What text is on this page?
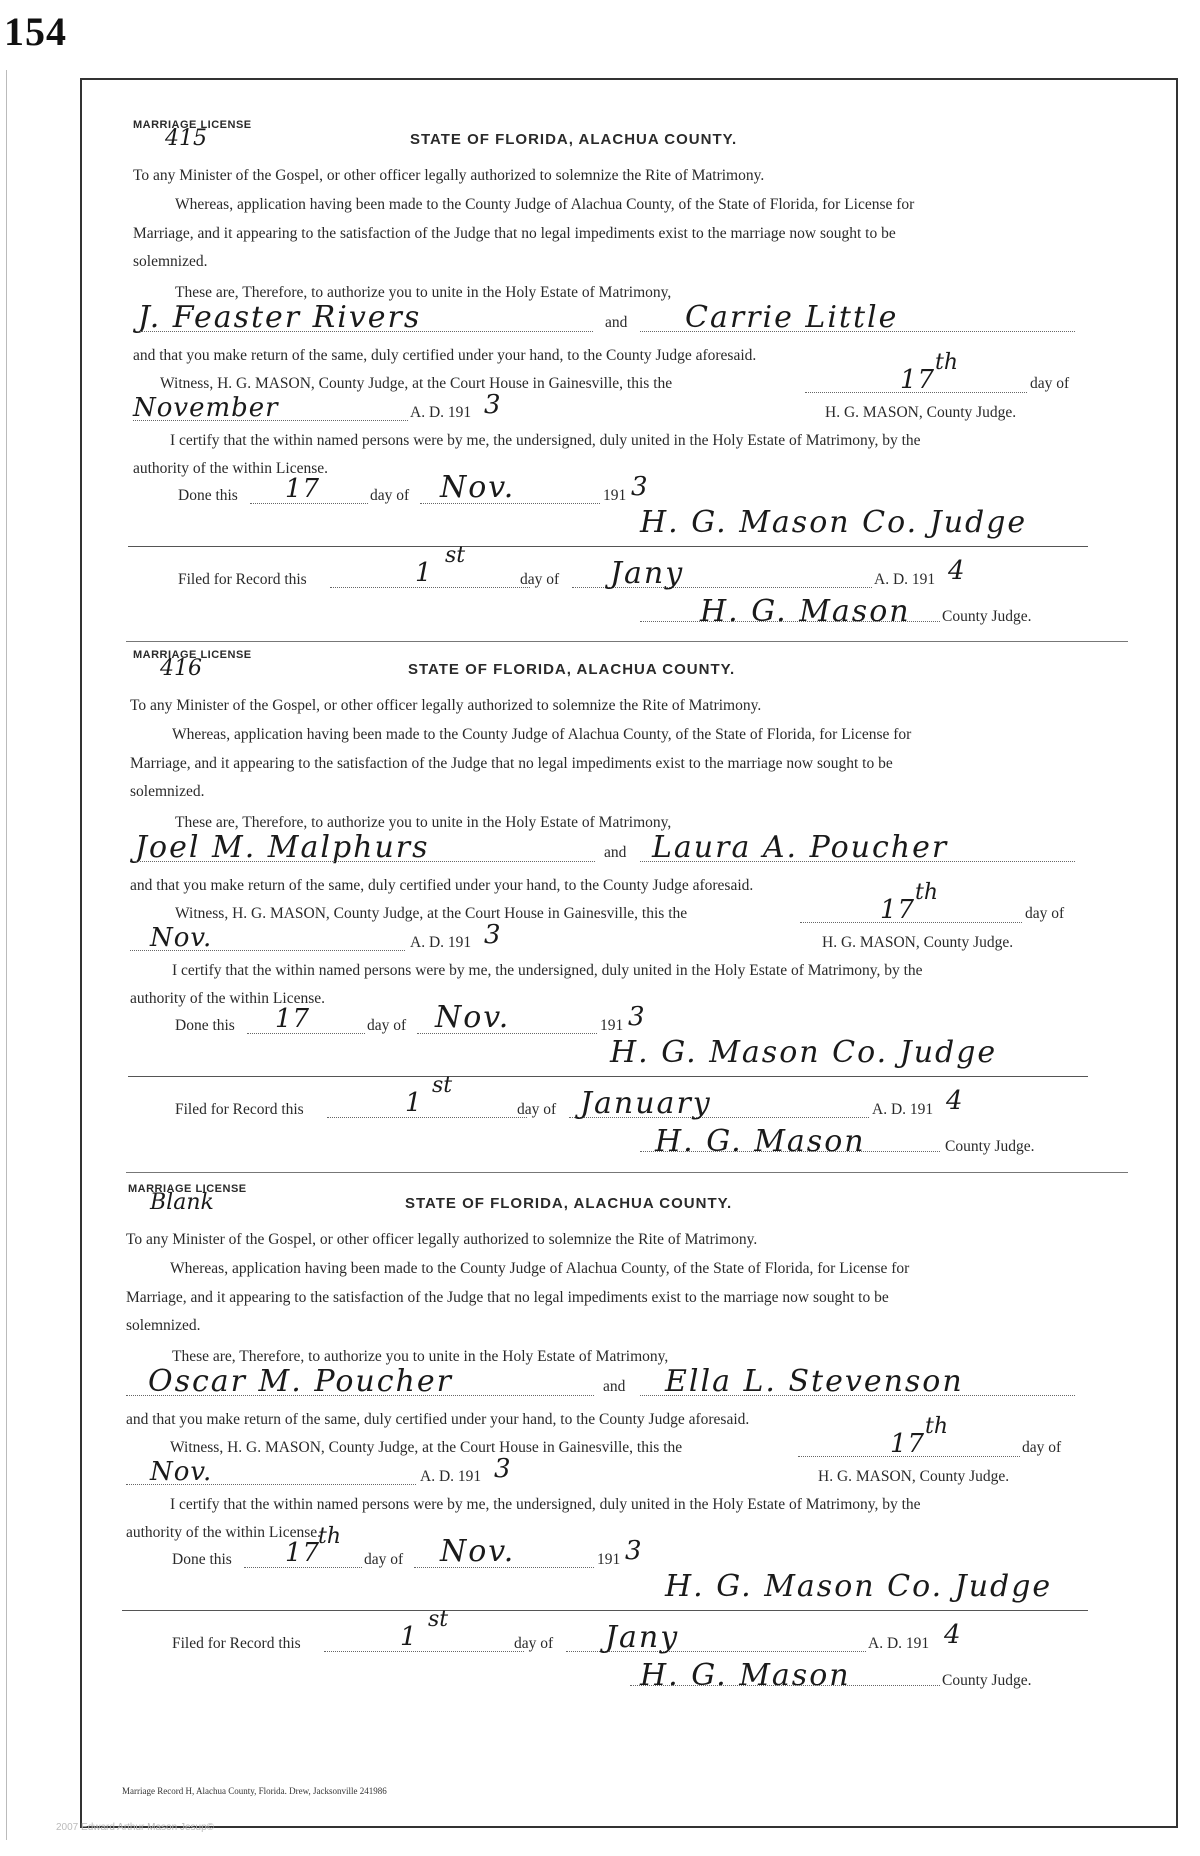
154
MARRIAGE LICENSE
415	STATE OF FLORIDA, ALACHUA COUNTY.
To any Minister of the Gospel, or other officer legally authorized to solemnize the Rite of Matrimony.
Whereas, application having been made to the County Judge of Alachua County, of the State of Florida, for License for
Marriage, and it appearing to the satisfaction of the Judge that no legal impediments exist to the marriage now sought to be
solemnized.
These are, Therefore, to authorize you to unite in the Holy Estate of Matrimony,
J. Feaster Rivers	and Carrie Little
and that you make return of the same, duly certified under your hand, to the County Judge aforesaid.
Witness, H. G. MASON, County Judge, at the Court House in Gainesville, this the	17
th
day of
November	A. D. 191 3	H. G. MASON, County Judge.
I certify that the within named persons were by me, the undersigned, duly united in the Holy Estate of Matrimony, by the
authority of the within License.
Done this 17	day of Nov.	191 3
H. G. Mason Co. Judge
Filed for Record this	1
st
day of Jany	A. D. 191 4
H. G. Mason County Judge.
MARRIAGE LICENSE
416	STATE OF FLORIDA, ALACHUA COUNTY.
To any Minister of the Gospel, or other officer legally authorized to solemnize the Rite of Matrimony.
Whereas, application having been made to the County Judge of Alachua County, of the State of Florida, for License for
Marriage, and it appearing to the satisfaction of the Judge that no legal impediments exist to the marriage now sought to be
solemnized.
These are, Therefore, to authorize you to unite in the Holy Estate of Matrimony,
Joel M. Malphurs	and Laura A. Poucher
and that you make return of the same, duly certified under your hand, to the County Judge aforesaid.
Witness, H. G. MASON, County Judge, at the Court House in Gainesville, this the	17
th
day of
Nov.	A. D. 191 3	H. G. MASON, County Judge.
I certify that the within named persons were by me, the undersigned, duly united in the Holy Estate of Matrimony, by the
authority of the within License.
Done this 17	day of Nov.	191 3
H. G. Mason Co. Judge
Filed for Record this	1
st
day of January	A. D. 191 4
H. G. Mason	County Judge.
MARRIAGE LICENSE
Blank	STATE OF FLORIDA, ALACHUA COUNTY.
To any Minister of the Gospel, or other officer legally authorized to solemnize the Rite of Matrimony.
Whereas, application having been made to the County Judge of Alachua County, of the State of Florida, for License for
Marriage, and it appearing to the satisfaction of the Judge that no legal impediments exist to the marriage now sought to be
solemnized.
These are, Therefore, to authorize you to unite in the Holy Estate of Matrimony,
Oscar M. Poucher	and Ella L. Stevenson
and that you make return of the same, duly certified under your hand, to the County Judge aforesaid.
Witness, H. G. MASON, County Judge, at the Court House in Gainesville, this the	17
th
day of
Nov.	A. D. 191 3	H. G. MASON, County Judge.
I certify that the within named persons were by me, the undersigned, duly united in the Holy Estate of Matrimony, by the
authority of the within License.
Done this 17
th
day of Nov.	191 3
H. G. Mason Co. Judge
Filed for Record this	1
st
day of Jany	A. D. 191 4
H. G. Mason	County Judge.
Marriage Record H, Alachua County, Florida. Drew, Jacksonville 241986
2007 Edward Arthur Mason Jesup©
